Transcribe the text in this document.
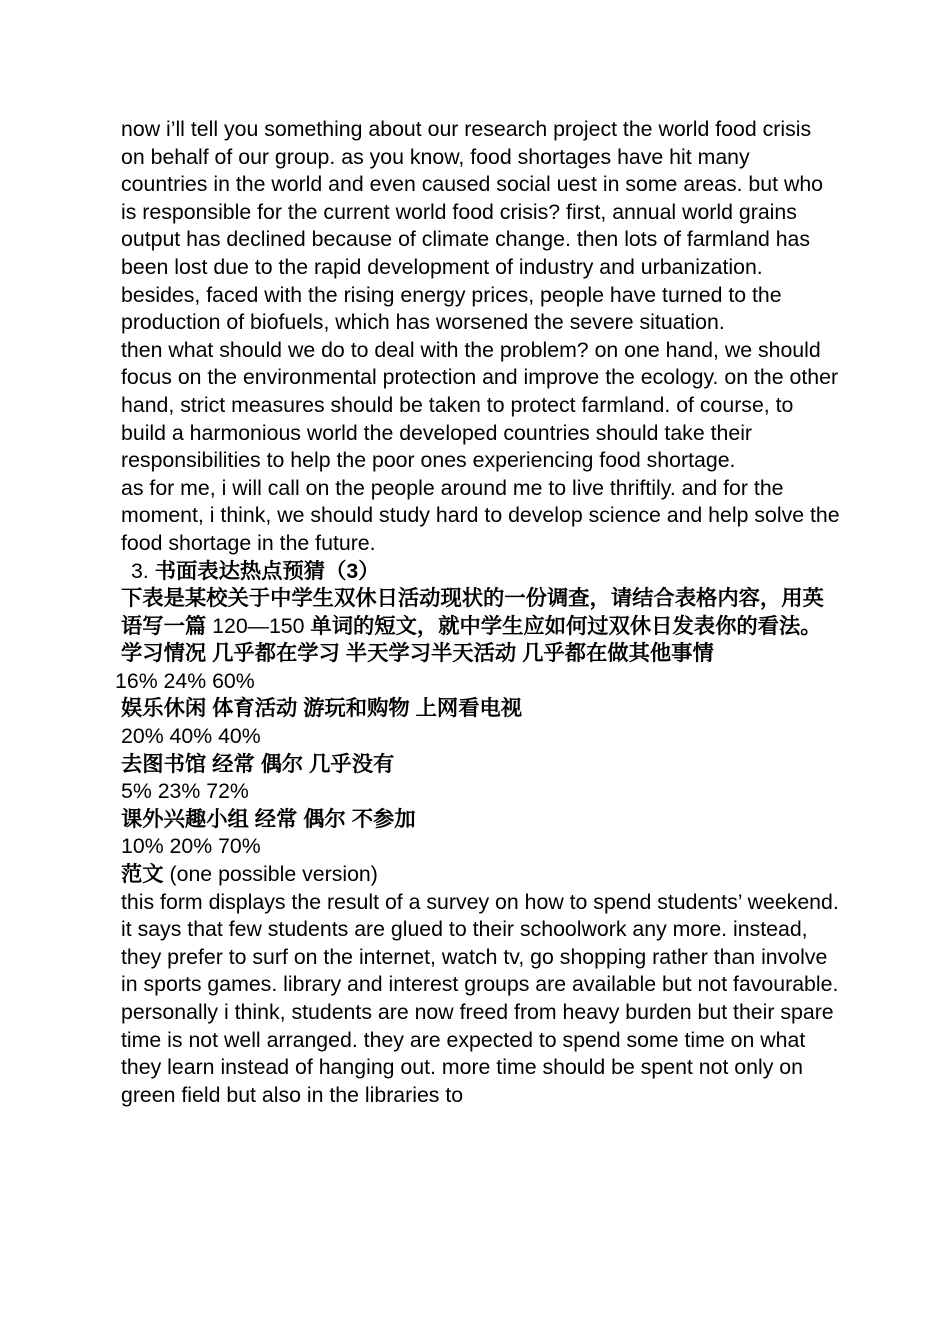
now i’ll tell you something about our research project the world food crisis on behalf of our group. as you know, food shortages have hit many countries in the world and even caused social uest in some areas. but who is responsible for the current world food crisis? first, annual world grains output has declined because of climate change. then lots of farmland has been lost due to the rapid development of industry and urbanization. besides, faced with the rising energy prices, people have turned to the production of biofuels, which has worsened the severe situation.

then what should we do to deal with the problem? on one hand, we should focus on the environmental protection and improve the ecology. on the other hand, strict measures should be taken to protect farmland. of course, to build a harmonious world the developed countries should take their responsibilities to help the poor ones experiencing food shortage.

as for me, i will call on the people around me to live thriftily. and for the moment, i think, we should study hard to develop science and help solve the food shortage in the future.

3. 书面表达热点预猜（3）

下表是某校关于中学生双休日活动现状的一份调查，请结合表格内容，用英语写一篇 120—150 单词的短文，就中学生应如何过双休日发表你的看法。学习情况 几乎都在学习 半天学习半天活动 几乎都在做其他事情

16% 24% 60%

娱乐休闲 体育活动 游玩和购物 上网看电视

20% 40% 40%

去图书馆 经常 偶尔 几乎没有

5% 23% 72%

课外兴趣小组 经常 偶尔 不参加

10% 20% 70%

范文 (one possible version)

this form displays the result of a survey on how to spend students’ weekend. it says that few students are glued to their schoolwork any more. instead, they prefer to surf on the internet, watch tv, go shopping rather than involve in sports games. library and interest groups are available but not favourable.

personally i think, students are now freed from heavy burden but their spare time is not well arranged. they are expected to spend some time on what they learn instead of hanging out. more time should be spent not only on green field but also in the libraries to
